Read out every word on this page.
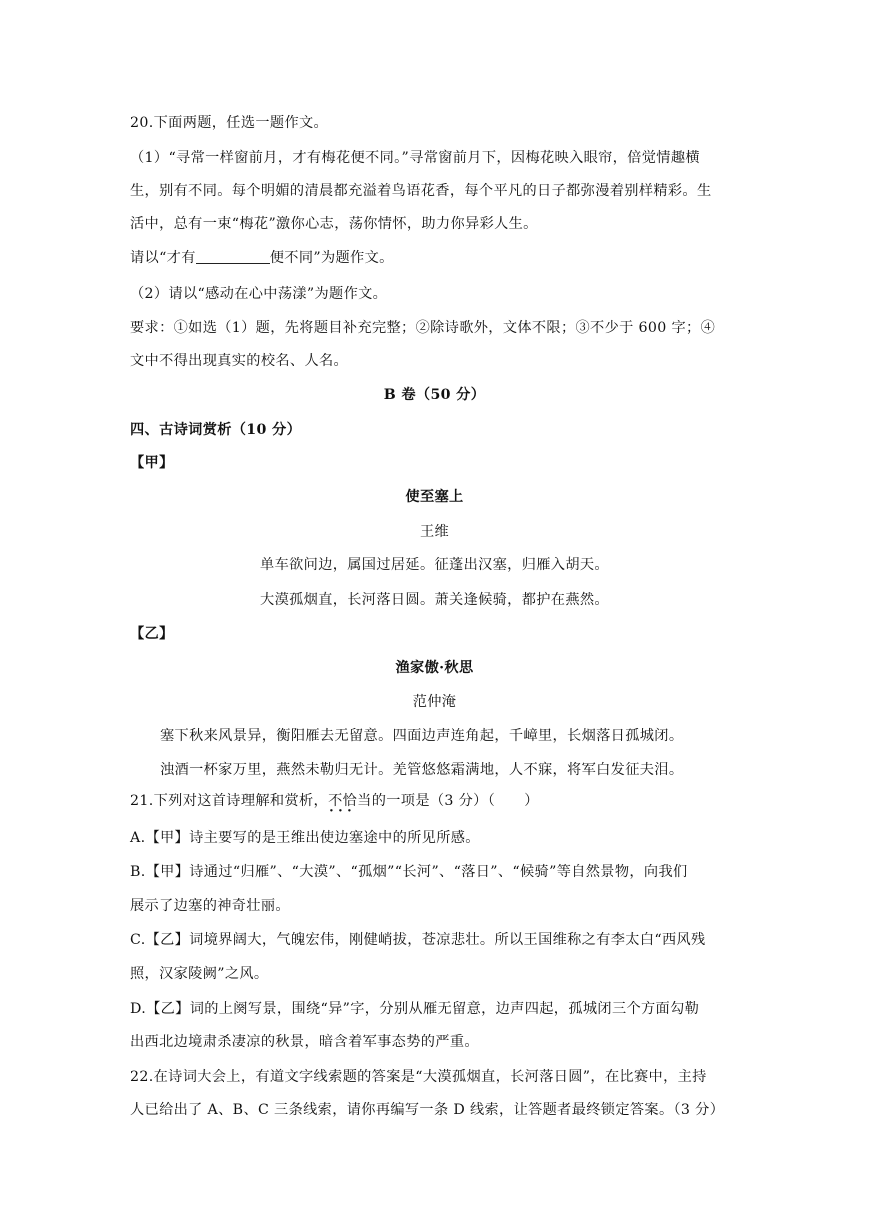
20.下面两题，任选一题作文。
（1）“寻常一样窗前月，才有梅花便不同。”寻常窗前月下，因梅花映入眼帘，倍觉情趣横
生，别有不同。每个明媚的清晨都充溢着鸟语花香，每个平凡的日子都弥漫着别样精彩。生
活中，总有一束“梅花”激你心志，荡你情怀，助力你异彩人生。
请以“才有	便不同”为题作文。
（2）请以“感动在心中荡漾”为题作文。
要求：①如选（1）题，先将题目补充完整；②除诗歌外，文体不限；③不少于 600 字；④
文中不得出现真实的校名、人名。
B 卷（50 分）
四、古诗词赏析（10 分）
【甲】
使至塞上
王维
单车欲问边，属国过居延。征蓬出汉塞，归雁入胡天。
大漠孤烟直，长河落日圆。萧关逢候骑，都护在燕然。
【乙】
渔家傲·秋思
范仲淹
塞下秋来风景异，衡阳雁去无留意。四面边声连角起，千嶂里，长烟落日孤城闭。
浊酒一杯家万里，燕然未勒归无计。羌管悠悠霜满地，人不寐，将军白发征夫泪。
21.下列对这首诗理解和赏析，不恰当 · · ·的一项是（3 分）（　　）
A.【甲】诗主要写的是王维出使边塞途中的所见所感。
B.【甲】诗通过“归雁”、“大漠”、“孤烟”“长河”、“落日”、“候骑”等自然景物，向我们
展示了边塞的神奇壮丽。
C.【乙】词境界阔大，气魄宏伟，刚健峭拔，苍凉悲壮。所以王国维称之有李太白“西风残
照，汉家陵阙”之风。
D.【乙】词的上阕写景，围绕“异”字，分别从雁无留意，边声四起，孤城闭三个方面勾勒
出西北边境肃杀凄凉的秋景，暗含着军事态势的严重。
22.在诗词大会上，有道文字线索题的答案是“大漠孤烟直，长河落日圆”，在比赛中，主持
人已给出了 A、B、C 三条线索，请你再编写一条 D 线索，让答题者最终锁定答案。（3 分）
